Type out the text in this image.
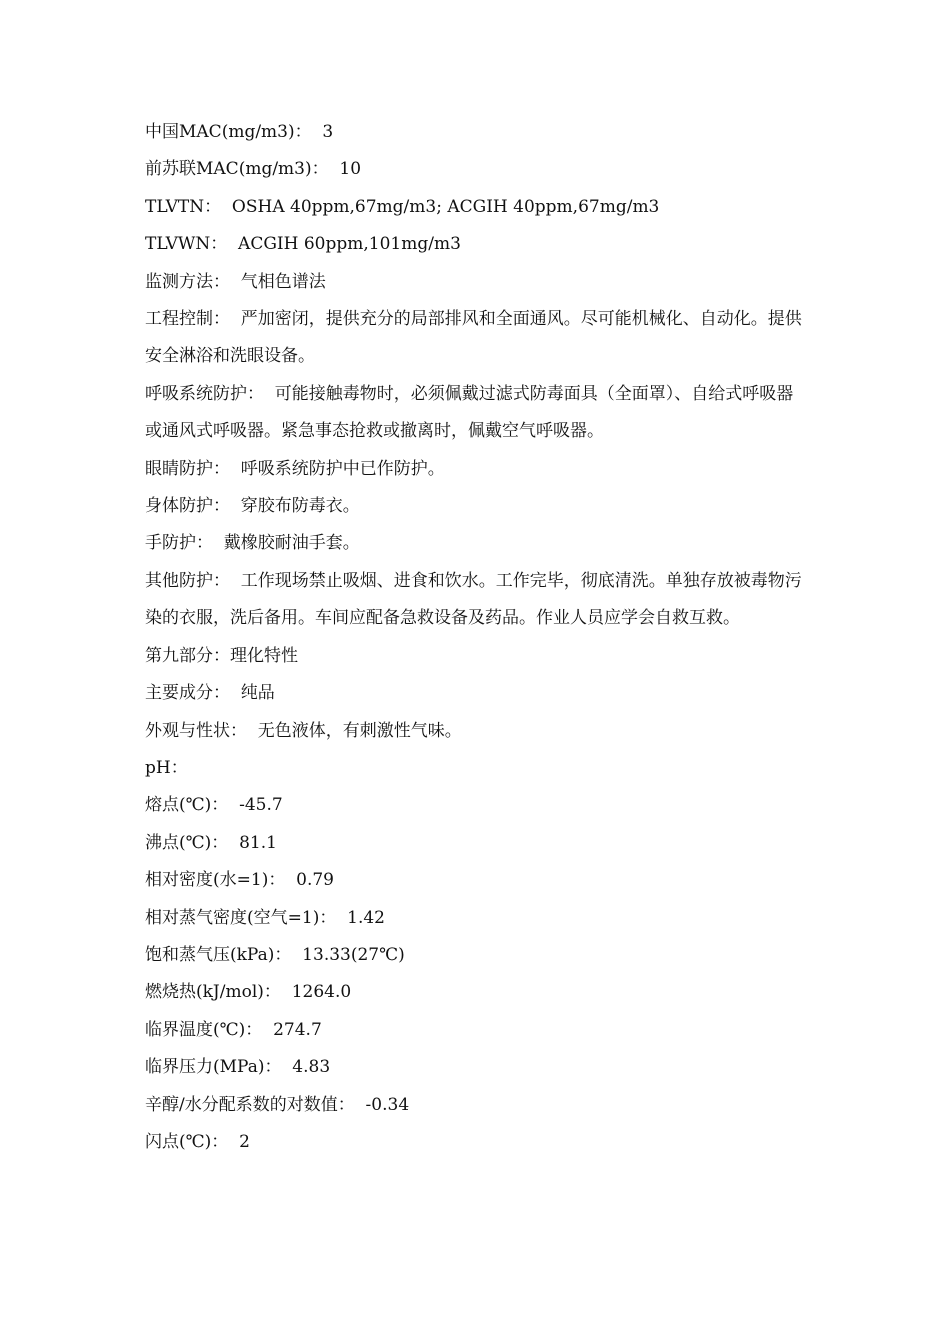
中国MAC(mg/m3)：  3

前苏联MAC(mg/m3)：  10

TLVTN：  OSHA 40ppm,67mg/m3; ACGIH 40ppm,67mg/m3

TLVWN：  ACGIH 60ppm,101mg/m3

监测方法：  气相色谱法

工程控制：  严加密闭，提供充分的局部排风和全面通风。尽可能机械化、自动化。提供安全淋浴和洗眼设备。

呼吸系统防护：  可能接触毒物时，必须佩戴过滤式防毒面具（全面罩）、自给式呼吸器或通风式呼吸器。紧急事态抢救或撤离时，佩戴空气呼吸器。

眼睛防护：  呼吸系统防护中已作防护。

身体防护：  穿胶布防毒衣。

手防护：  戴橡胶耐油手套。

其他防护：  工作现场禁止吸烟、进食和饮水。工作完毕，彻底清洗。单独存放被毒物污染的衣服，洗后备用。车间应配备急救设备及药品。作业人员应学会自救互救。

第九部分：理化特性

主要成分：  纯品

外观与性状：  无色液体，有刺激性气味。

pH：

熔点(℃)：  -45.7

沸点(℃)：  81.1

相对密度(水=1)：  0.79

相对蒸气密度(空气=1)：  1.42

饱和蒸气压(kPa)：  13.33(27℃)

燃烧热(kJ/mol)：  1264.0

临界温度(℃)：  274.7

临界压力(MPa)：  4.83

辛醇/水分配系数的对数值：  -0.34

闪点(℃)：  2
